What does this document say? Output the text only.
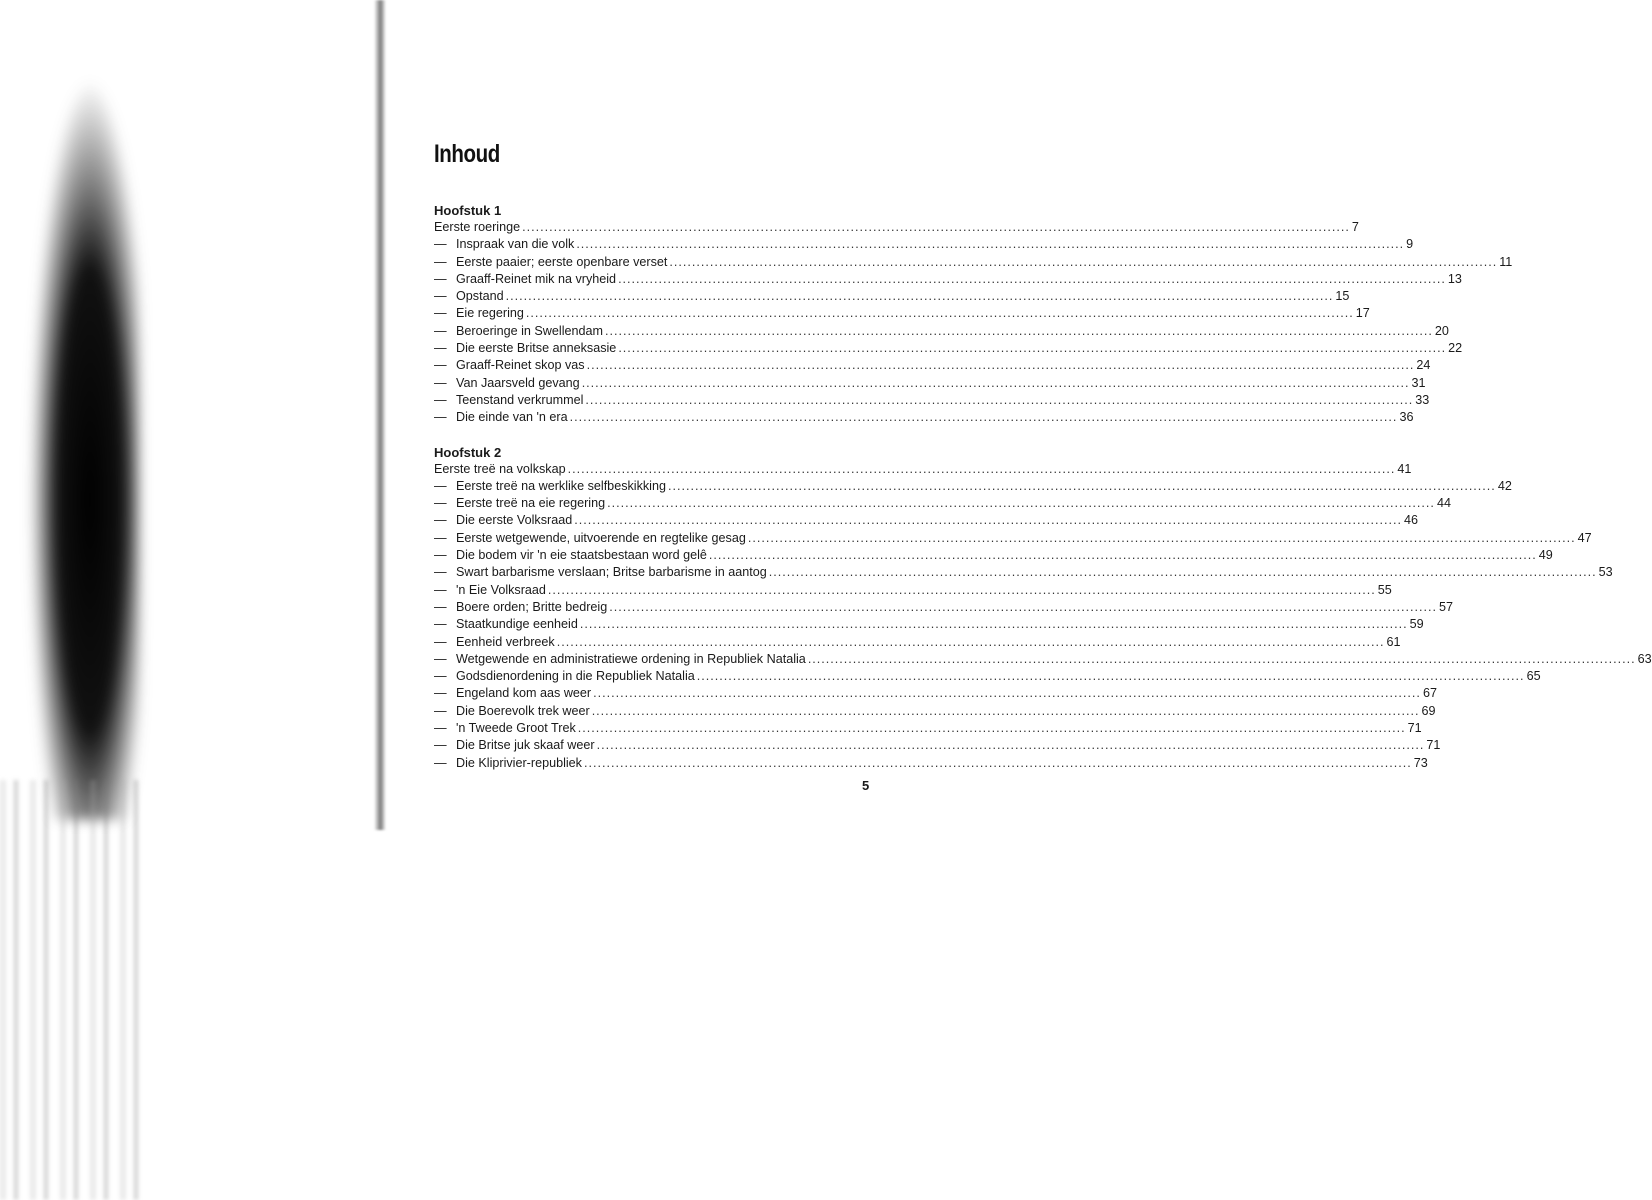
Inhoud
Hoofstuk 1
Eerste roeringe .....	7
— Inspraak van die volk .....	9
— Eerste paaier; eerste openbare verset .....	11
— Graaff-Reinet mik na vryheid .....	13
— Opstand .....	15
— Eie regering .....	17
— Beroeringe in Swellendam .....	20
— Die eerste Britse anneksasie .....	22
— Graaff-Reinet skop vas .....	24
— Van Jaarsveld gevang .....	31
— Teenstand verkrummel .....	33
— Die einde van 'n era .....	36
Hoofstuk 2
Eerste treë na volkskap .....	41
— Eerste treë na werklike selfbeskikking .....	42
— Eerste treë na eie regering .....	44
— Die eerste Volksraad .....	46
— Eerste wetgewende, uitvoerende en regtelike gesag .....	47
— Die bodem vir 'n eie staatsbestaan word gelê .....	49
— Swart barbarisme verslaan; Britse barbarisme in aantog .....	53
— 'n Eie Volksraad .....	55
— Boere orden; Britte bedreig .....	57
— Staatkundige eenheid .....	59
— Eenheid verbreek .....	61
— Wetgewende en administratiewe ordening in Republiek Natalia .....	63
— Godsdienordening in die Republiek Natalia .....	65
— Engeland kom aas weer .....	67
— Die Boerevolk trek weer .....	69
— 'n Tweede Groot Trek .....	71
— Die Britse juk skaaf weer .....	71
— Die Kliprivier-republiek .....	73
5
